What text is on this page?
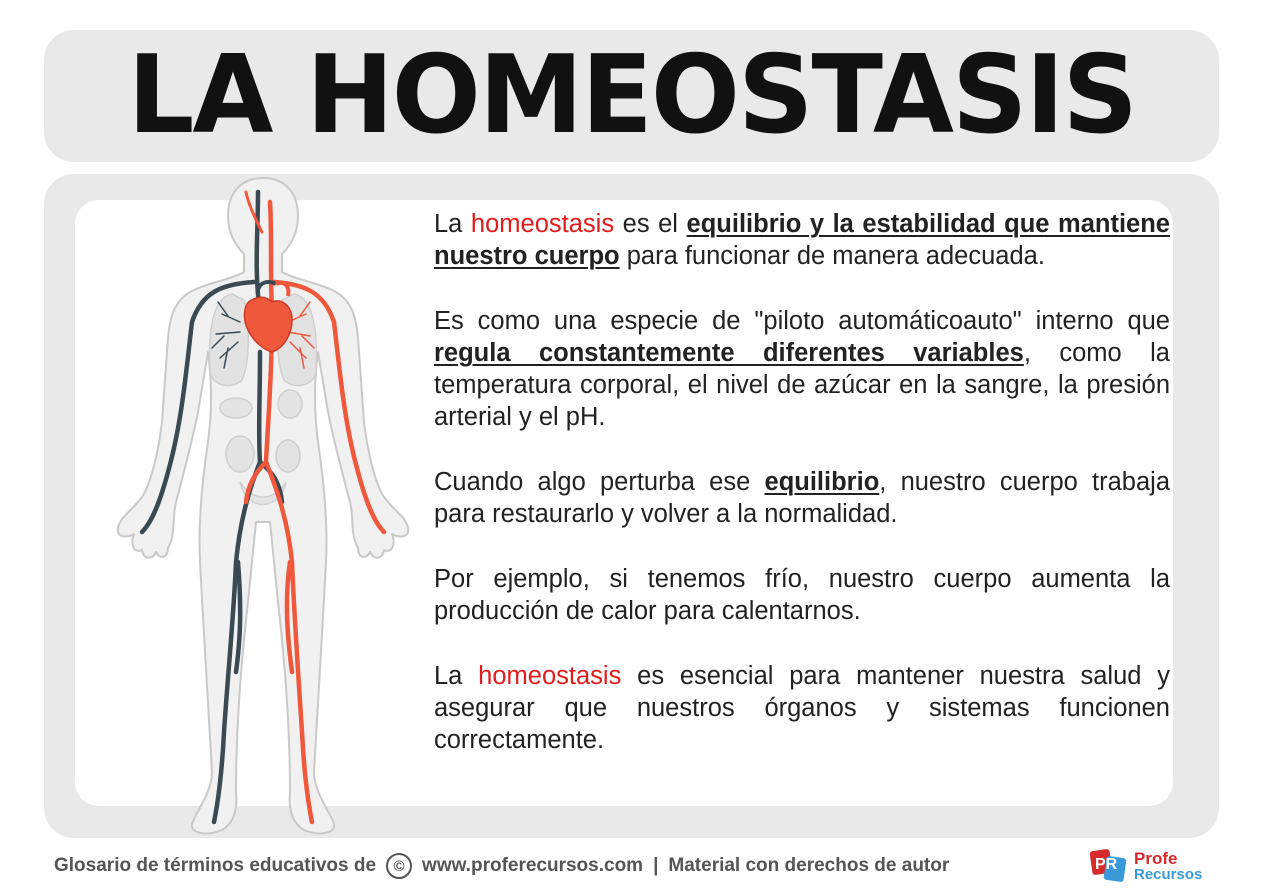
LA HOMEOSTASIS

La homeostasis es el equilibrio y la estabilidad que mantiene nuestro cuerpo para funcionar de manera adecuada.

Es como una especie de "piloto automáticoauto" interno que regula constantemente diferentes variables, como la temperatura corporal, el nivel de azúcar en la sangre, la presión arterial y el pH.

Cuando algo perturba ese equilibrio, nuestro cuerpo trabaja para restaurarlo y volver a la normalidad.

Por ejemplo, si tenemos frío, nuestro cuerpo aumenta la producción de calor para calentarnos.

La homeostasis es esencial para mantener nuestra salud y asegurar que nuestros órganos y sistemas funcionen correctamente.

Glosario de términos educativos de	© www.proferecursos.com | Material con derechos de autor	PR Profe
Recursos
